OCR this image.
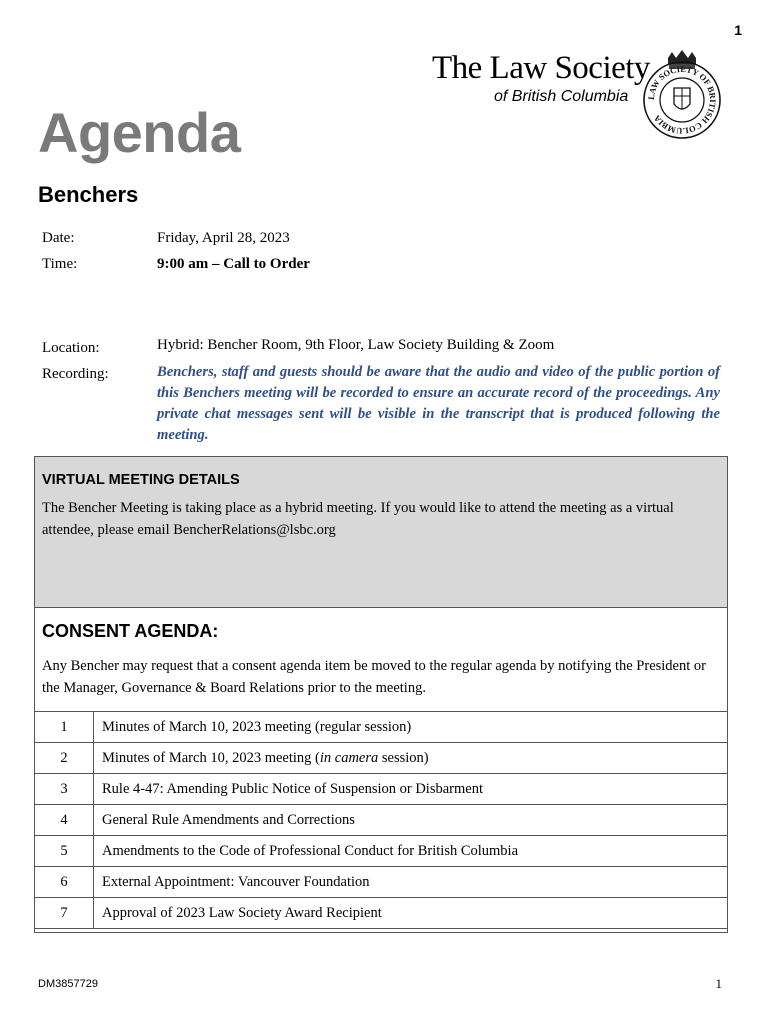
1
The Law Society
of British Columbia LAW SOCIETY OF BRITISH COLUMBIA
Agenda
Benchers
Date:	Friday, April 28, 2023
Time:	9:00 am – Call to Order
Location:	Hybrid: Bencher Room, 9th Floor, Law Society Building & Zoom
Recording:	Benchers, staff and guests should be aware that the audio and video of the public portion of this Benchers meeting will be recorded to ensure an accurate record of the proceedings. Any private chat messages sent will be visible in the transcript that is produced following the meeting.
VIRTUAL MEETING DETAILS
The Bencher Meeting is taking place as a hybrid meeting. If you would like to attend the meeting as a virtual attendee, please email BencherRelations@lsbc.org
CONSENT AGENDA:
Any Bencher may request that a consent agenda item be moved to the regular agenda by notifying the President or the Manager, Governance & Board Relations prior to the meeting.
1	Minutes of March 10, 2023 meeting (regular session)
2	Minutes of March 10, 2023 meeting (in camera session)
3	Rule 4-47: Amending Public Notice of Suspension or Disbarment
4	General Rule Amendments and Corrections
5	Amendments to the Code of Professional Conduct for British Columbia
6	External Appointment: Vancouver Foundation
7	Approval of 2023 Law Society Award Recipient
DM3857729	1
